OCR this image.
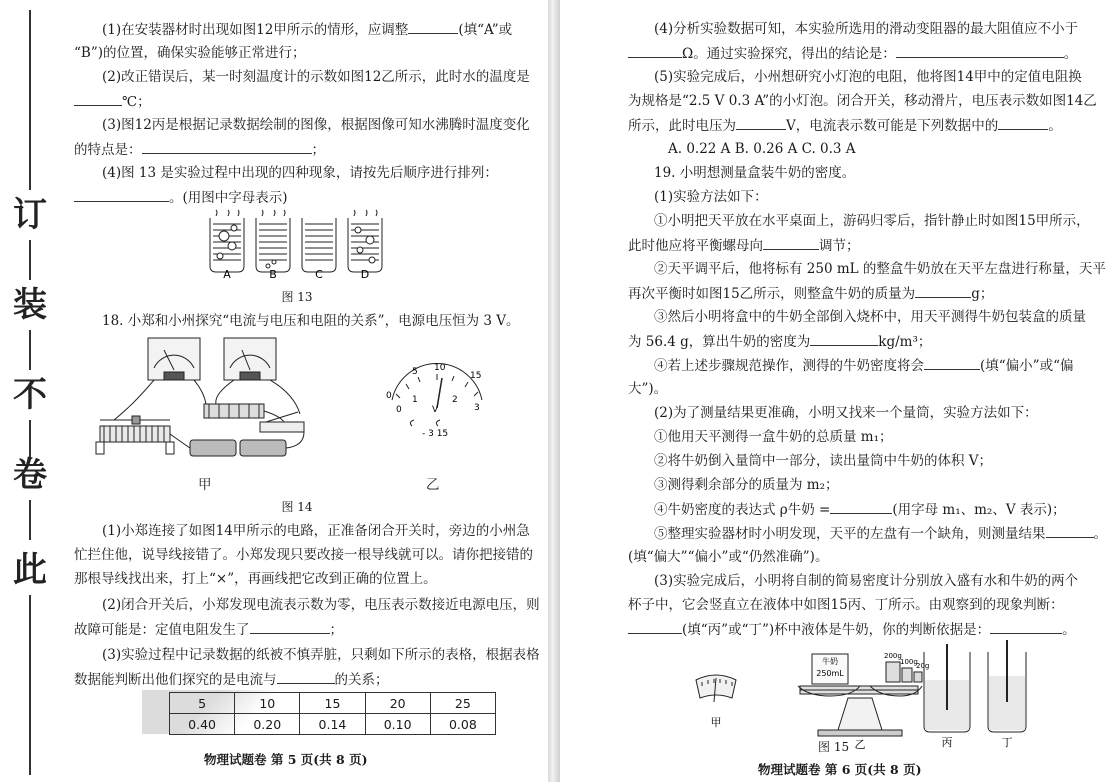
订
装
不
卷
此
(1)在安装器材时出现如图12甲所示的情形，应调整	(填“A”或
“B”)的位置，确保实验能够正常进行；
(2)改正错误后，某一时刻温度计的示数如图12乙所示，此时水的温度是
℃；
(3)图12丙是根据记录数据绘制的图像，根据图像可知水沸腾时温度变化
的特点是：	；
(4)图 13 是实验过程中出现的四种现象，请按先后顺序进行排列：
。(用图中字母表示)
A	B	C	D
图 13
18. 小郑和小州探究“电流与电压和电阻的关系”，电源电压恒为 3 V。
甲
5 10
15
0
0
1	2
3
V
- 3 15
乙
图 14
(1)小郑连接了如图14甲所示的电路，正准备闭合开关时，旁边的小州急
忙拦住他，说导线接错了。小郑发现只要改接一根导线就可以。请你把接错的
那根导线找出来，打上“×”，再画线把它改到正确的位置上。
(2)闭合开关后，小郑发现电流表示数为零，电压表示数接近电源电压，则
故障可能是：定值电阻发生了	；
(3)实验过程中记录数据的纸被不慎弄脏，只剩如下所示的表格，根据表格
数据能判断出他们探究的是电流与	的关系；
5	10	15	20	25
0.40	0.20	0.14	0.10	0.08
物理试题卷 第 5 页(共 8 页)
(4)分析实验数据可知，本实验所选用的滑动变阻器的最大阻值应不小于
Ω。通过实验探究，得出的结论是：	。
(5)实验完成后，小州想研究小灯泡的电阻，他将图14甲中的定值电阻换
为规格是“2.5 V 0.3 A”的小灯泡。闭合开关，移动滑片，电压表示数如图14乙
所示，此时电压为	V，电流表示数可能是下列数据中的	。
A. 0.22 A B. 0.26 A C. 0.3 A
19. 小明想测量盒装牛奶的密度。
(1)实验方法如下：
①小明把天平放在水平桌面上，游码归零后，指针静止时如图15甲所示，
此时他应将平衡螺母向	调节；
②天平调平后，他将标有 250 mL 的整盒牛奶放在天平左盘进行称量，天平
再次平衡时如图15乙所示，则整盒牛奶的质量为	g；
③然后小明将盒中的牛奶全部倒入烧杯中，用天平测得牛奶包装盒的质量
为 56.4 g，算出牛奶的密度为	kg/m³；
④若上述步骤规范操作，测得的牛奶密度将会	(填“偏小”或“偏
大”)。
(2)为了测量结果更准确，小明又找来一个量筒，实验方法如下：
①他用天平测得一盒牛奶的总质量 m₁；
②将牛奶倒入量筒中一部分，读出量筒中牛奶的体积 V；
③测得剩余部分的质量为 m₂；
④牛奶密度的表达式 ρ牛奶 =	(用字母 m₁、m₂、V 表示)；
⑤整理实验器材时小明发现，天平的左盘有一个缺角，则测量结果	。
(填“偏大”“偏小”或“仍然准确”)。
(3)实验完成后，小明将自制的简易密度计分别放入盛有水和牛奶的两个
杯子中，它会竖直立在液体中如图15丙、丁所示。由观察到的现象判断：
(填“丙”或“丁”)杯中液体是牛奶，你的判断依据是：	。
牛奶
250mL
200g
100g
20g
甲
乙	丙	丁
图 15
物理试题卷 第 6 页(共 8 页)
